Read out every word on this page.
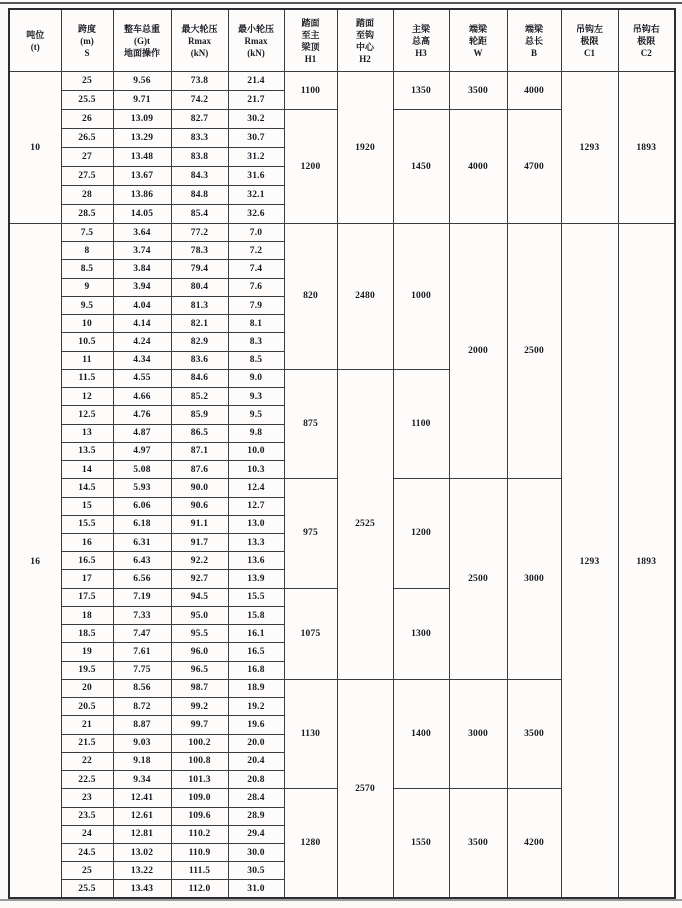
吨位
(t)	跨度
(m)
S	整车总重
(G)t
地面操作	最大轮压
Rmax
(kN)	最小轮压
Rmax
(kN)	踏面
至主
梁顶
H1	踏面
至钩
中心
H2	主梁
总高
H3	端梁
轮距
W	端梁
总长
B	吊钩左
极限
C1	吊钩右
极限
C2
10	25	9.56	73.8	21.4	1100	1920	1350	3500	4000	1293	1893
	25.5	9.71	74.2	21.7							
	26	13.09	82.7	30.2	1200		1450	4000	4700		
	26.5	13.29	83.3	30.7							
	27	13.48	83.8	31.2							
	27.5	13.67	84.3	31.6							
	28	13.86	84.8	32.1							
	28.5	14.05	85.4	32.6							
16	7.5	3.64	77.2	7.0	820	2480	1000	2000	2500	1293	1893
	8	3.74	78.3	7.2							
	8.5	3.84	79.4	7.4							
	9	3.94	80.4	7.6							
	9.5	4.04	81.3	7.9							
	10	4.14	82.1	8.1							
	10.5	4.24	82.9	8.3							
	11	4.34	83.6	8.5							
	11.5	4.55	84.6	9.0	875	2525	1100				
	12	4.66	85.2	9.3							
	12.5	4.76	85.9	9.5							
	13	4.87	86.5	9.8							
	13.5	4.97	87.1	10.0							
	14	5.08	87.6	10.3							
	14.5	5.93	90.0	12.4	975		1200	2500	3000		
	15	6.06	90.6	12.7							
	15.5	6.18	91.1	13.0							
	16	6.31	91.7	13.3							
	16.5	6.43	92.2	13.6							
	17	6.56	92.7	13.9							
	17.5	7.19	94.5	15.5	1075		1300				
	18	7.33	95.0	15.8							
	18.5	7.47	95.5	16.1							
	19	7.61	96.0	16.5							
	19.5	7.75	96.5	16.8							
	20	8.56	98.7	18.9	1130	2570	1400	3000	3500		
	20.5	8.72	99.2	19.2							
	21	8.87	99.7	19.6							
	21.5	9.03	100.2	20.0							
	22	9.18	100.8	20.4							
	22.5	9.34	101.3	20.8							
	23	12.41	109.0	28.4	1280		1550	3500	4200		
	23.5	12.61	109.6	28.9							
	24	12.81	110.2	29.4							
	24.5	13.02	110.9	30.0							
	25	13.22	111.5	30.5							
	25.5	13.43	112.0	31.0							
